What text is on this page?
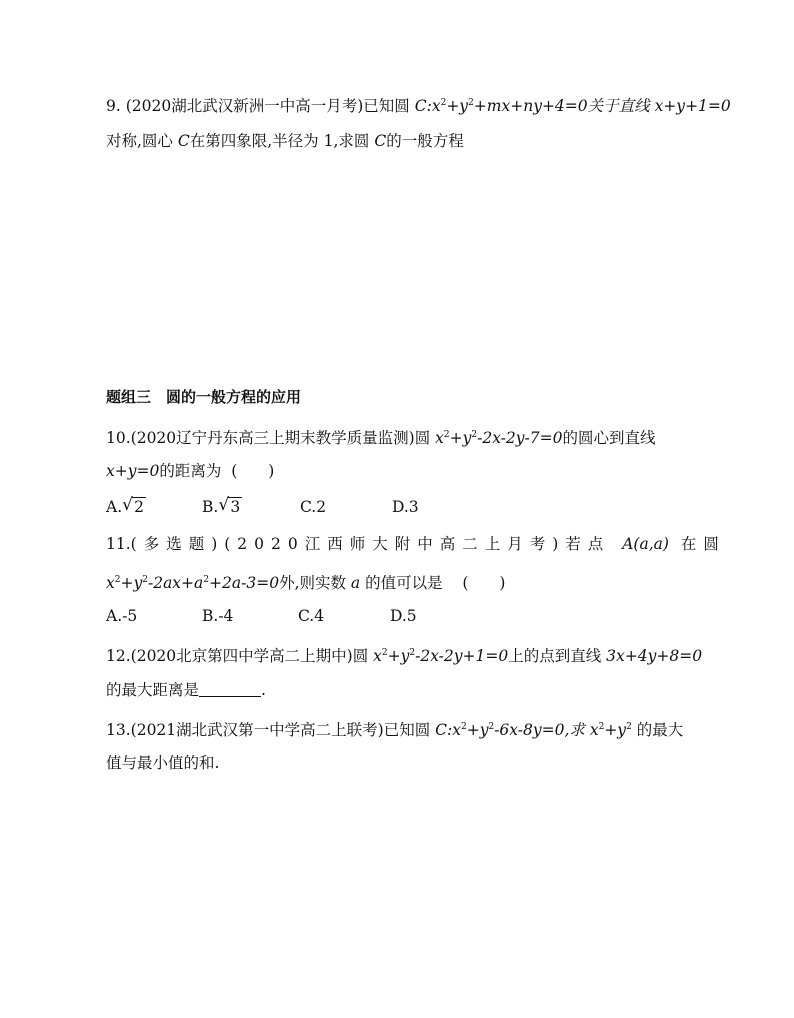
9. (2020湖北武汉新洲一中高一月考)已知圆 $C:x^2+y^2+mx+ny+4=0$关于直线 x+y+1=0
对称,圆心 C在第四象限,半径为 1,求圆 C的一般方程
题组三　圆的一般方程的应用
10.(2020辽宁丹东高三上期末教学质量监测)圆 $x^2+y^2-2x-2y-7=0$的圆心到直线
x+y=0的距离为 (　　)
A. √ 2	B. √ 3	C.2	D.3
11.(多选题)(2020江西师大附中高二上月考)若点 A(a,a) 在圆
$x^2+y^2-2ax+a^2+2a-3=0$外,则实数 a 的值可以是 (　　)
A.-5	B.-4	C.4	D.5
12.(2020北京第四中学高二上期中)圆 $x^2+y^2-2x-2y+1=0$上的点到直线 3x+4y+8=0
的最大距离是	.
13.(2021湖北武汉第一中学高二上联考)已知圆 $C:x^2+y^2-6x-8y=0$,求 $x^2+y^2$ 的最大
值与最小值的和.
